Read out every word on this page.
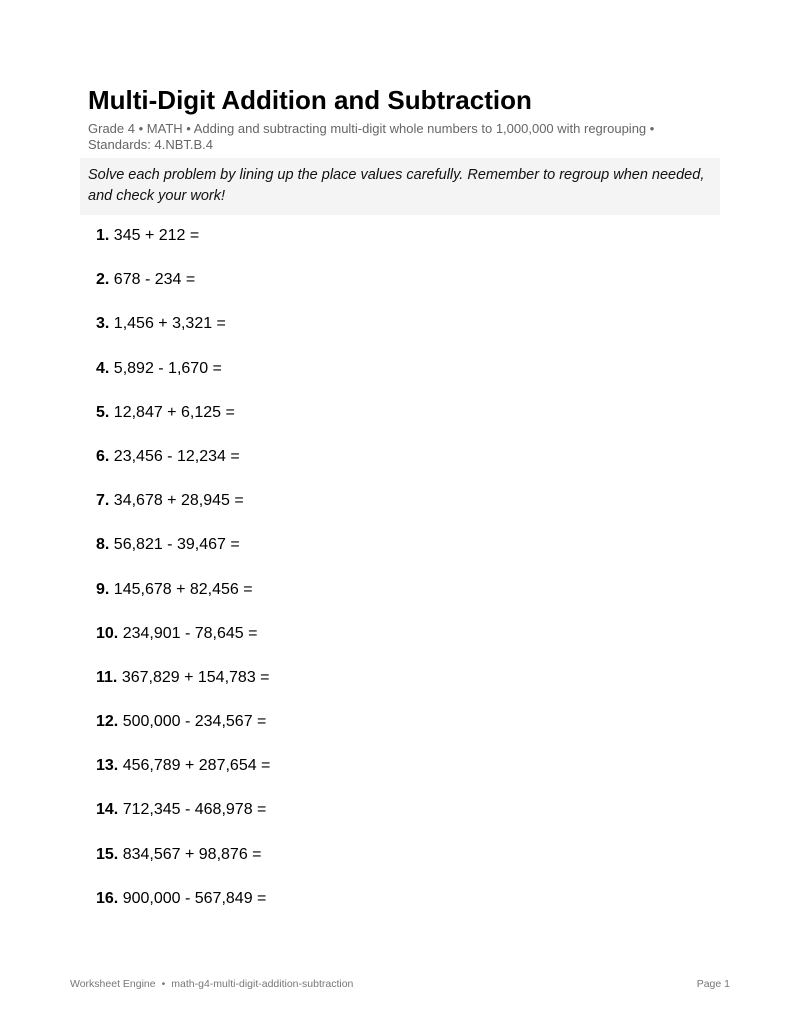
Multi-Digit Addition and Subtraction
Grade 4 • MATH • Adding and subtracting multi-digit whole numbers to 1,000,000 with regrouping • Standards: 4.NBT.B.4
Solve each problem by lining up the place values carefully. Remember to regroup when needed, and check your work!
1. 345 + 212 =
2. 678 - 234 =
3. 1,456 + 3,321 =
4. 5,892 - 1,670 =
5. 12,847 + 6,125 =
6. 23,456 - 12,234 =
7. 34,678 + 28,945 =
8. 56,821 - 39,467 =
9. 145,678 + 82,456 =
10. 234,901 - 78,645 =
11. 367,829 + 154,783 =
12. 500,000 - 234,567 =
13. 456,789 + 287,654 =
14. 712,345 - 468,978 =
15. 834,567 + 98,876 =
16. 900,000 - 567,849 =
Worksheet Engine • math-g4-multi-digit-addition-subtraction	Page 1
